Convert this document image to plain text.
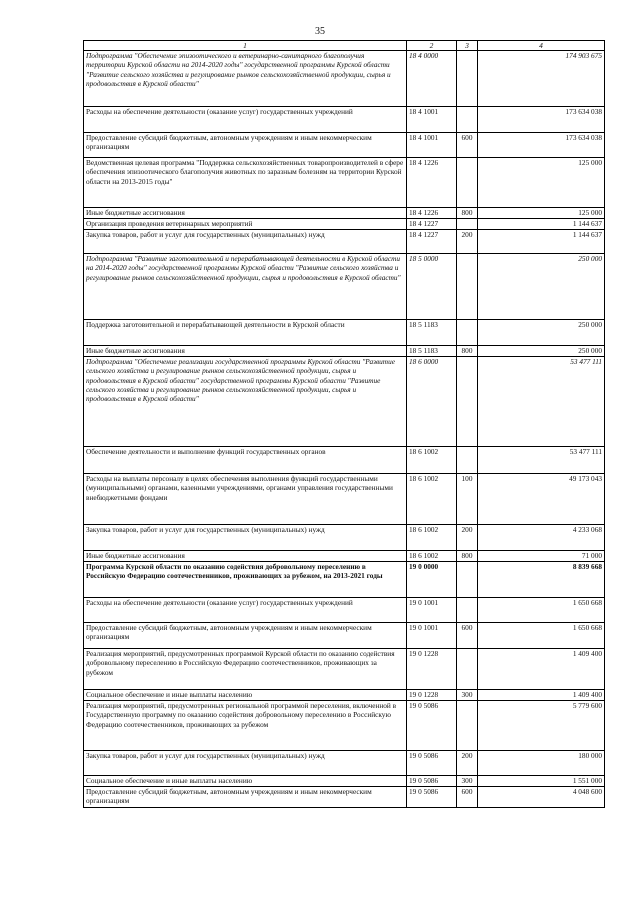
35
1	2	3	4
Подпрограмма "Обеспечение эпизоотического и ветеринарно-санитарного благополучия территории Курской области на 2014-2020 годы" государственной программы Курской области "Развитие сельского хозяйства и регулирование рынков сельскохозяйственной продукции, сырья и продовольствия в Курской области"	18 4 0000		174 903 675
Расходы на обеспечение деятельности (оказание услуг) государственных учреждений	18 4 1001		173 634 038
Предоставление субсидий бюджетным, автономным учреждениям и иным некоммерческим организациям	18 4 1001	600	173 634 038
Ведомственная целевая программа "Поддержка сельскохозяйственных товаропроизводителей в сфере обеспечения эпизоотического благополучия животных по заразным болезням на территории Курской области на 2013-2015 годы"	18 4 1226		125 000
Иные бюджетные ассигнования	18 4 1226	800	125 000
Организация проведения ветеринарных мероприятий	18 4 1227		1 144 637
Закупка товаров, работ и услуг для государственных (муниципальных) нужд	18 4 1227	200	1 144 637
Подпрограмма "Развитие заготовительной и перерабатывающей деятельности в Курской области на 2014-2020 годы" государственной программы Курской области "Развитие сельского хозяйства и регулирование рынков сельскохозяйственной продукции, сырья и продовольствия в Курской области"	18 5 0000		250 000
Поддержка заготовительной и перерабатывающей деятельности в Курской области	18 5 1183		250 000
Иные бюджетные ассигнования	18 5 1183	800	250 000
Подпрограмма "Обеспечение реализации государственной программы Курской области "Развитие сельского хозяйства и регулирование рынков сельскохозяйственной продукции, сырья и продовольствия в Курской области" государственной программы Курской области "Развитие сельского хозяйства и регулирование рынков сельскохозяйственной продукции, сырья и продовольствия в Курской области"	18 6 0000		53 477 111
Обеспечение деятельности и выполнение функций государственных органов	18 6 1002		53 477 111
Расходы на выплаты персоналу в целях обеспечения выполнения функций государственными (муниципальными) органами, казенными учреждениями, органами управления государственными внебюджетными фондами	18 6 1002	100	49 173 043
Закупка товаров, работ и услуг для государственных (муниципальных) нужд	18 6 1002	200	4 233 068
Иные бюджетные ассигнования	18 6 1002	800	71 000
Программа Курской области по оказанию содействия добровольному переселению в Российскую Федерацию соотечественников, проживающих за рубежом, на 2013-2021 годы	19 0 0000		8 839 668
Расходы на обеспечение деятельности (оказание услуг) государственных учреждений	19 0 1001		1 650 668
Предоставление субсидий бюджетным, автономным учреждениям и иным некоммерческим организациям	19 0 1001	600	1 650 668
Реализация мероприятий, предусмотренных программой Курской области по оказанию содействия добровольному переселению в Российскую Федерацию соотечественников, проживающих за рубежом	19 0 1228		1 409 400
Социальное обеспечение и иные выплаты населению	19 0 1228	300	1 409 400
Реализация мероприятий, предусмотренных региональной программой переселения, включенной в Государственную программу по оказанию содействия добровольному переселению в Российскую Федерацию соотечественников, проживающих за рубежом	19 0 5086		5 779 600
Закупка товаров, работ и услуг для государственных (муниципальных) нужд	19 0 5086	200	180 000
Социальное обеспечение и иные выплаты населению	19 0 5086	300	1 551 000
Предоставление субсидий бюджетным, автономным учреждениям и иным некоммерческим организациям	19 0 5086	600	4 048 600
